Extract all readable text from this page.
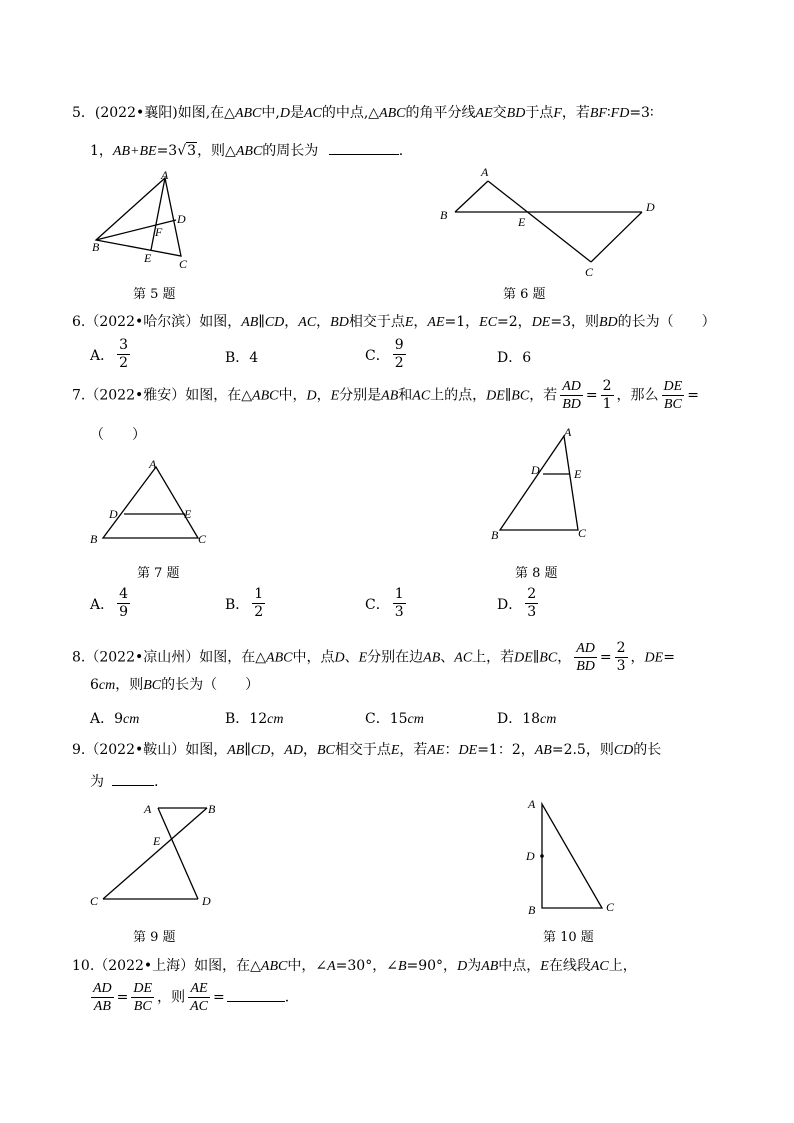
5．(2022•襄阳)如图,在△ABC中,D是AC的中点,△ABC的角平分线AE交BD于点F，若BF∶FD=3∶
1，AB+BE=3√3，则△ABC的周长为	.
A
B
C
D
E
F
第 5 题
A
B
C
D
E
第 6 题
6.（2022•哈尔滨）如图，AB∥CD，AC，BD相交于点E，AE=1，EC=2，DE=3，则BD的长为（　　）
A． $\frac{3}{2}$	B．4	C． $\frac{9}{2}$	D．6
7.（2022•雅安）如图，在△ABC中，D，E分别是AB和AC上的点，DE∥BC，若 $\frac{AD}{BD} = \frac{2}{1}$ ，那么 $\frac{DE}{BC}$ =
（　　）
A
B	C
D	E
第 7 题
A
B	C
D	E
第 8 题
A． $\frac{4}{9}$	B． $\frac{1}{2}$	C． $\frac{1}{3}$	D． $\frac{2}{3}$
8.（2022•凉山州）如图，在△ABC中，点D、E分别在边AB、AC上，若DE∥BC， $\frac{AD}{BD} = \frac{2}{3}$ ，DE=
6cm，则BC的长为（　　）
A．9cm	B．12cm	C．15cm	D．18cm
9.（2022•鞍山）如图，AB∥CD，AD，BC相交于点E，若AE：DE=1：2，AB=2.5，则CD的长
为	.
A	B
C	D
E
第 9 题
A
B	C
D
第 10 题
10.（2022•上海）如图，在△ABC中，∠A=30°，∠B=90°，D为AB中点，E在线段AC上，
$\frac{AD}{AB} = \frac{DE}{BC}$ ，则 $\frac{AE}{AC}$ =	.
